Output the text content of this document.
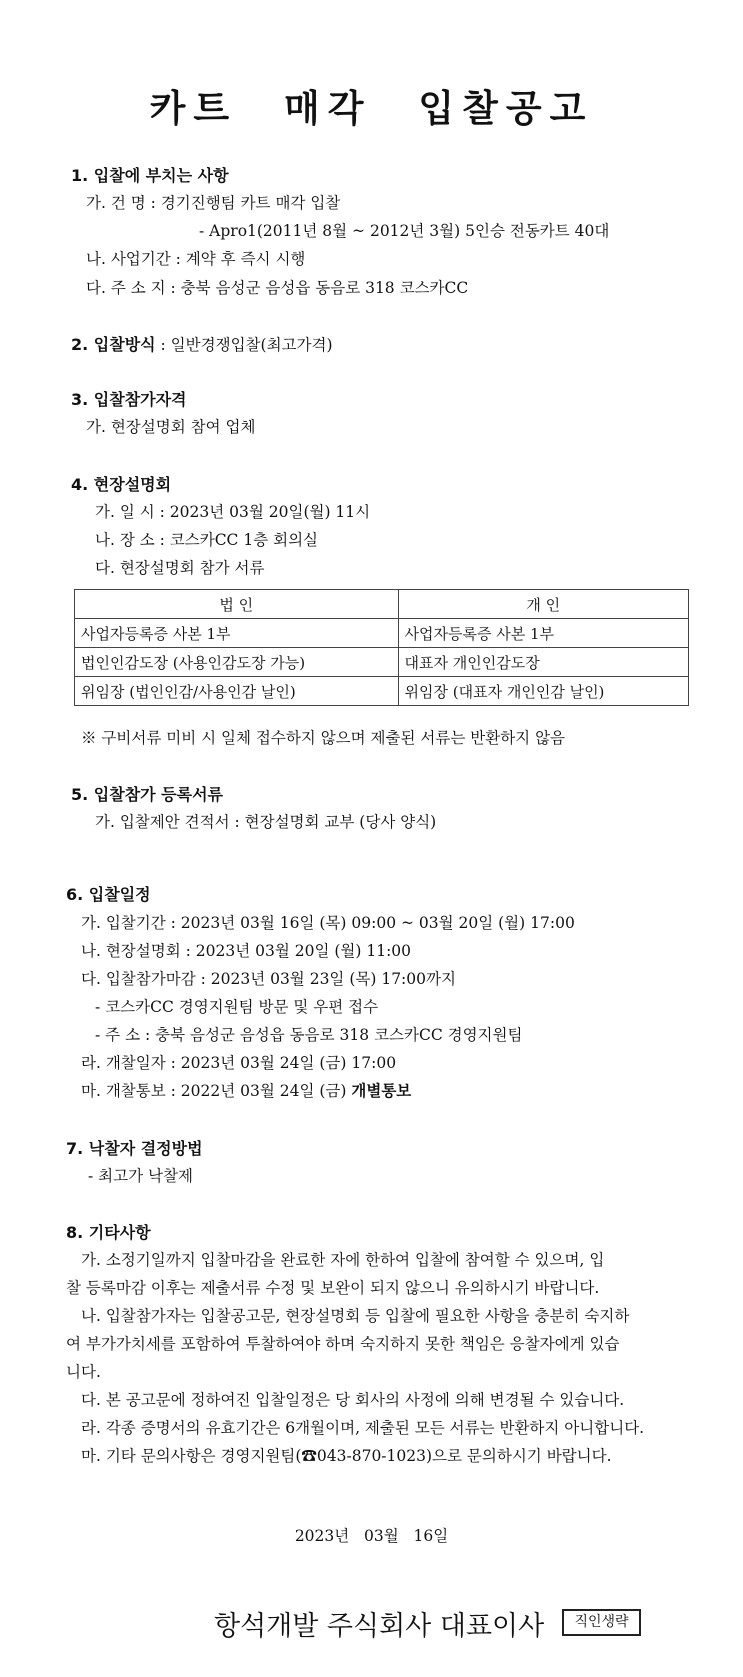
카트 매각 입찰공고
1. 입찰에 부치는 사항
가. 건 명 : 경기진행팀 카트 매각 입찰
- Apro1(2011년 8월 ~ 2012년 3월) 5인승 전동카트 40대
나. 사업기간 : 계약 후 즉시 시행
다. 주 소 지 : 충북 음성군 음성읍 동음로 318 코스카CC
2. 입찰방식 : 일반경쟁입찰(최고가격)
3. 입찰참가자격
가. 현장설명회 참여 업체
4. 현장설명회
가. 일 시 : 2023년 03월 20일(월) 11시
나. 장 소 : 코스카CC 1층 회의실
다. 현장설명회 참가 서류
법 인	개 인
사업자등록증 사본 1부	사업자등록증 사본 1부
법인인감도장 (사용인감도장 가능)	대표자 개인인감도장
위임장 (법인인감/사용인감 날인)	위임장 (대표자 개인인감 날인)
※ 구비서류 미비 시 일체 접수하지 않으며 제출된 서류는 반환하지 않음
5. 입찰참가 등록서류
가. 입찰제안 견적서 : 현장설명회 교부 (당사 양식)
6. 입찰일정
가. 입찰기간 : 2023년 03월 16일 (목) 09:00 ~ 03월 20일 (월) 17:00
나. 현장설명회 : 2023년 03월 20일 (월) 11:00
다. 입찰참가마감 : 2023년 03월 23일 (목) 17:00까지
- 코스카CC 경영지원팀 방문 및 우편 접수
- 주 소 : 충북 음성군 음성읍 동음로 318 코스카CC 경영지원팀
라. 개찰일자 : 2023년 03월 24일 (금) 17:00
마. 개찰통보 : 2022년 03월 24일 (금) 개별통보
7. 낙찰자 결정방법
- 최고가 낙찰제
8. 기타사항
가. 소정기일까지 입찰마감을 완료한 자에 한하여 입찰에 참여할 수 있으며, 입
찰 등록마감 이후는 제출서류 수정 및 보완이 되지 않으니 유의하시기 바랍니다.
나. 입찰참가자는 입찰공고문, 현장설명회 등 입찰에 필요한 사항을 충분히 숙지하
여 부가가치세를 포함하여 투찰하여야 하며 숙지하지 못한 책임은 응찰자에게 있습
니다.
다. 본 공고문에 정하여진 입찰일정은 당 회사의 사정에 의해 변경될 수 있습니다.
라. 각종 증명서의 유효기간은 6개월이며, 제출된 모든 서류는 반환하지 아니합니다.
마. 기타 문의사항은 경영지원팀(☎043-870-1023)으로 문의하시기 바랍니다.
2023년   03월   16일
항석개발 주식회사 대표이사	직인생략
